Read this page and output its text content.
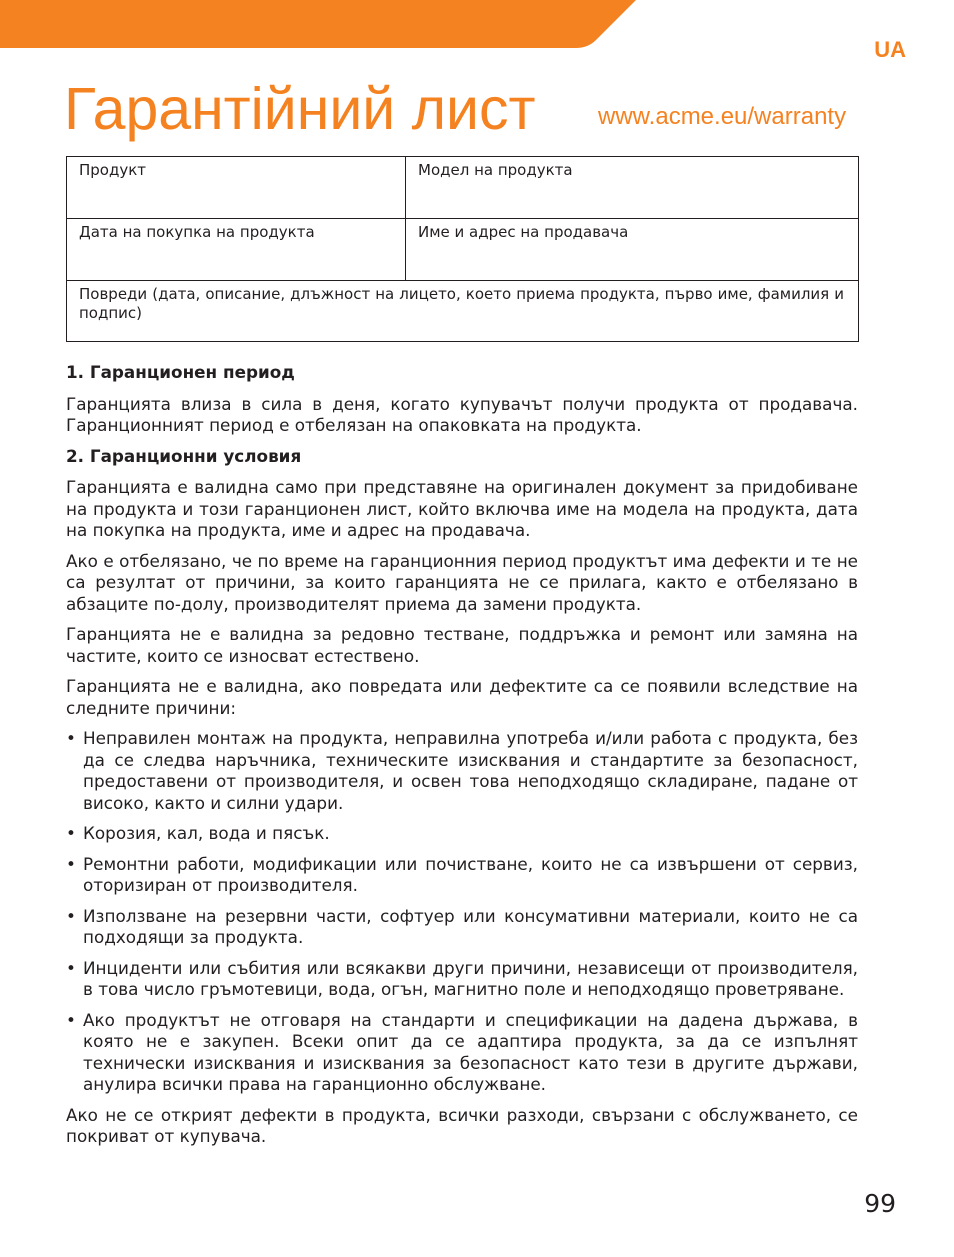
UA
Гарантійний лист	www.acme.eu/warranty
Продукт	Модел на продукта
Дата на покупка на продукта	Име и адрес на продавача
Повреди (дата, описание, длъжност на лицето, което приема продукта, първо име, фамилия и подпис)	
1. Гаранционен период

Гаранцията влиза в сила в деня, когато купувачът получи продукта от продавача. Гаранционният период е отбелязан на опаковката на продукта.

2. Гаранционни условия

Гаранцията е валидна само при представяне на оригинален документ за придобиване на продукта и този гаранционен лист, който включва име на модела на продукта, дата на покупка на продукта, име и адрес на продавача.

Ако е отбелязано, че по време на гаранционния период продуктът има дефекти и те не са резултат от причини, за които гаранцията не се прилага, както е отбелязано в абзаците по-долу, производителят приема да замени продукта.

Гаранцията не е валидна за редовно тестване, поддръжка и ремонт или замяна на частите, които се износват естествено.

Гаранцията не е валидна, ако повредата или дефектите са се появили вследствие на следните причини:

• Неправилен монтаж на продукта, неправилна употреба и/или работа с продукта, без да се следва наръчника, техническите изисквания и стандартите за безопасност, предоставени от производителя, и освен това неподходящо складиране, падане от високо, както и силни удари.
• Корозия, кал, вода и пясък.
• Ремонтни работи, модификации или почистване, които не са извършени от сервиз, оторизиран от производителя.
• Използване на резервни части, софтуер или консумативни материали, които не са подходящи за продукта.
• Инциденти или събития или всякакви други причини, независещи от производителя, в това число гръмотевици, вода, огън, магнитно поле и неподходящо проветряване.
• Ако продуктът не отговаря на стандарти и спецификации на дадена държава, в която не е закупен. Всеки опит да се адаптира продукта, за да се изпълнят технически изисквания и изисквания за безопасност като тези в другите държави, анулира всички права на гаранционно обслужване.

Ако не се открият дефекти в продукта, всички разходи, свързани с обслужването, се покриват от купувача.

99
